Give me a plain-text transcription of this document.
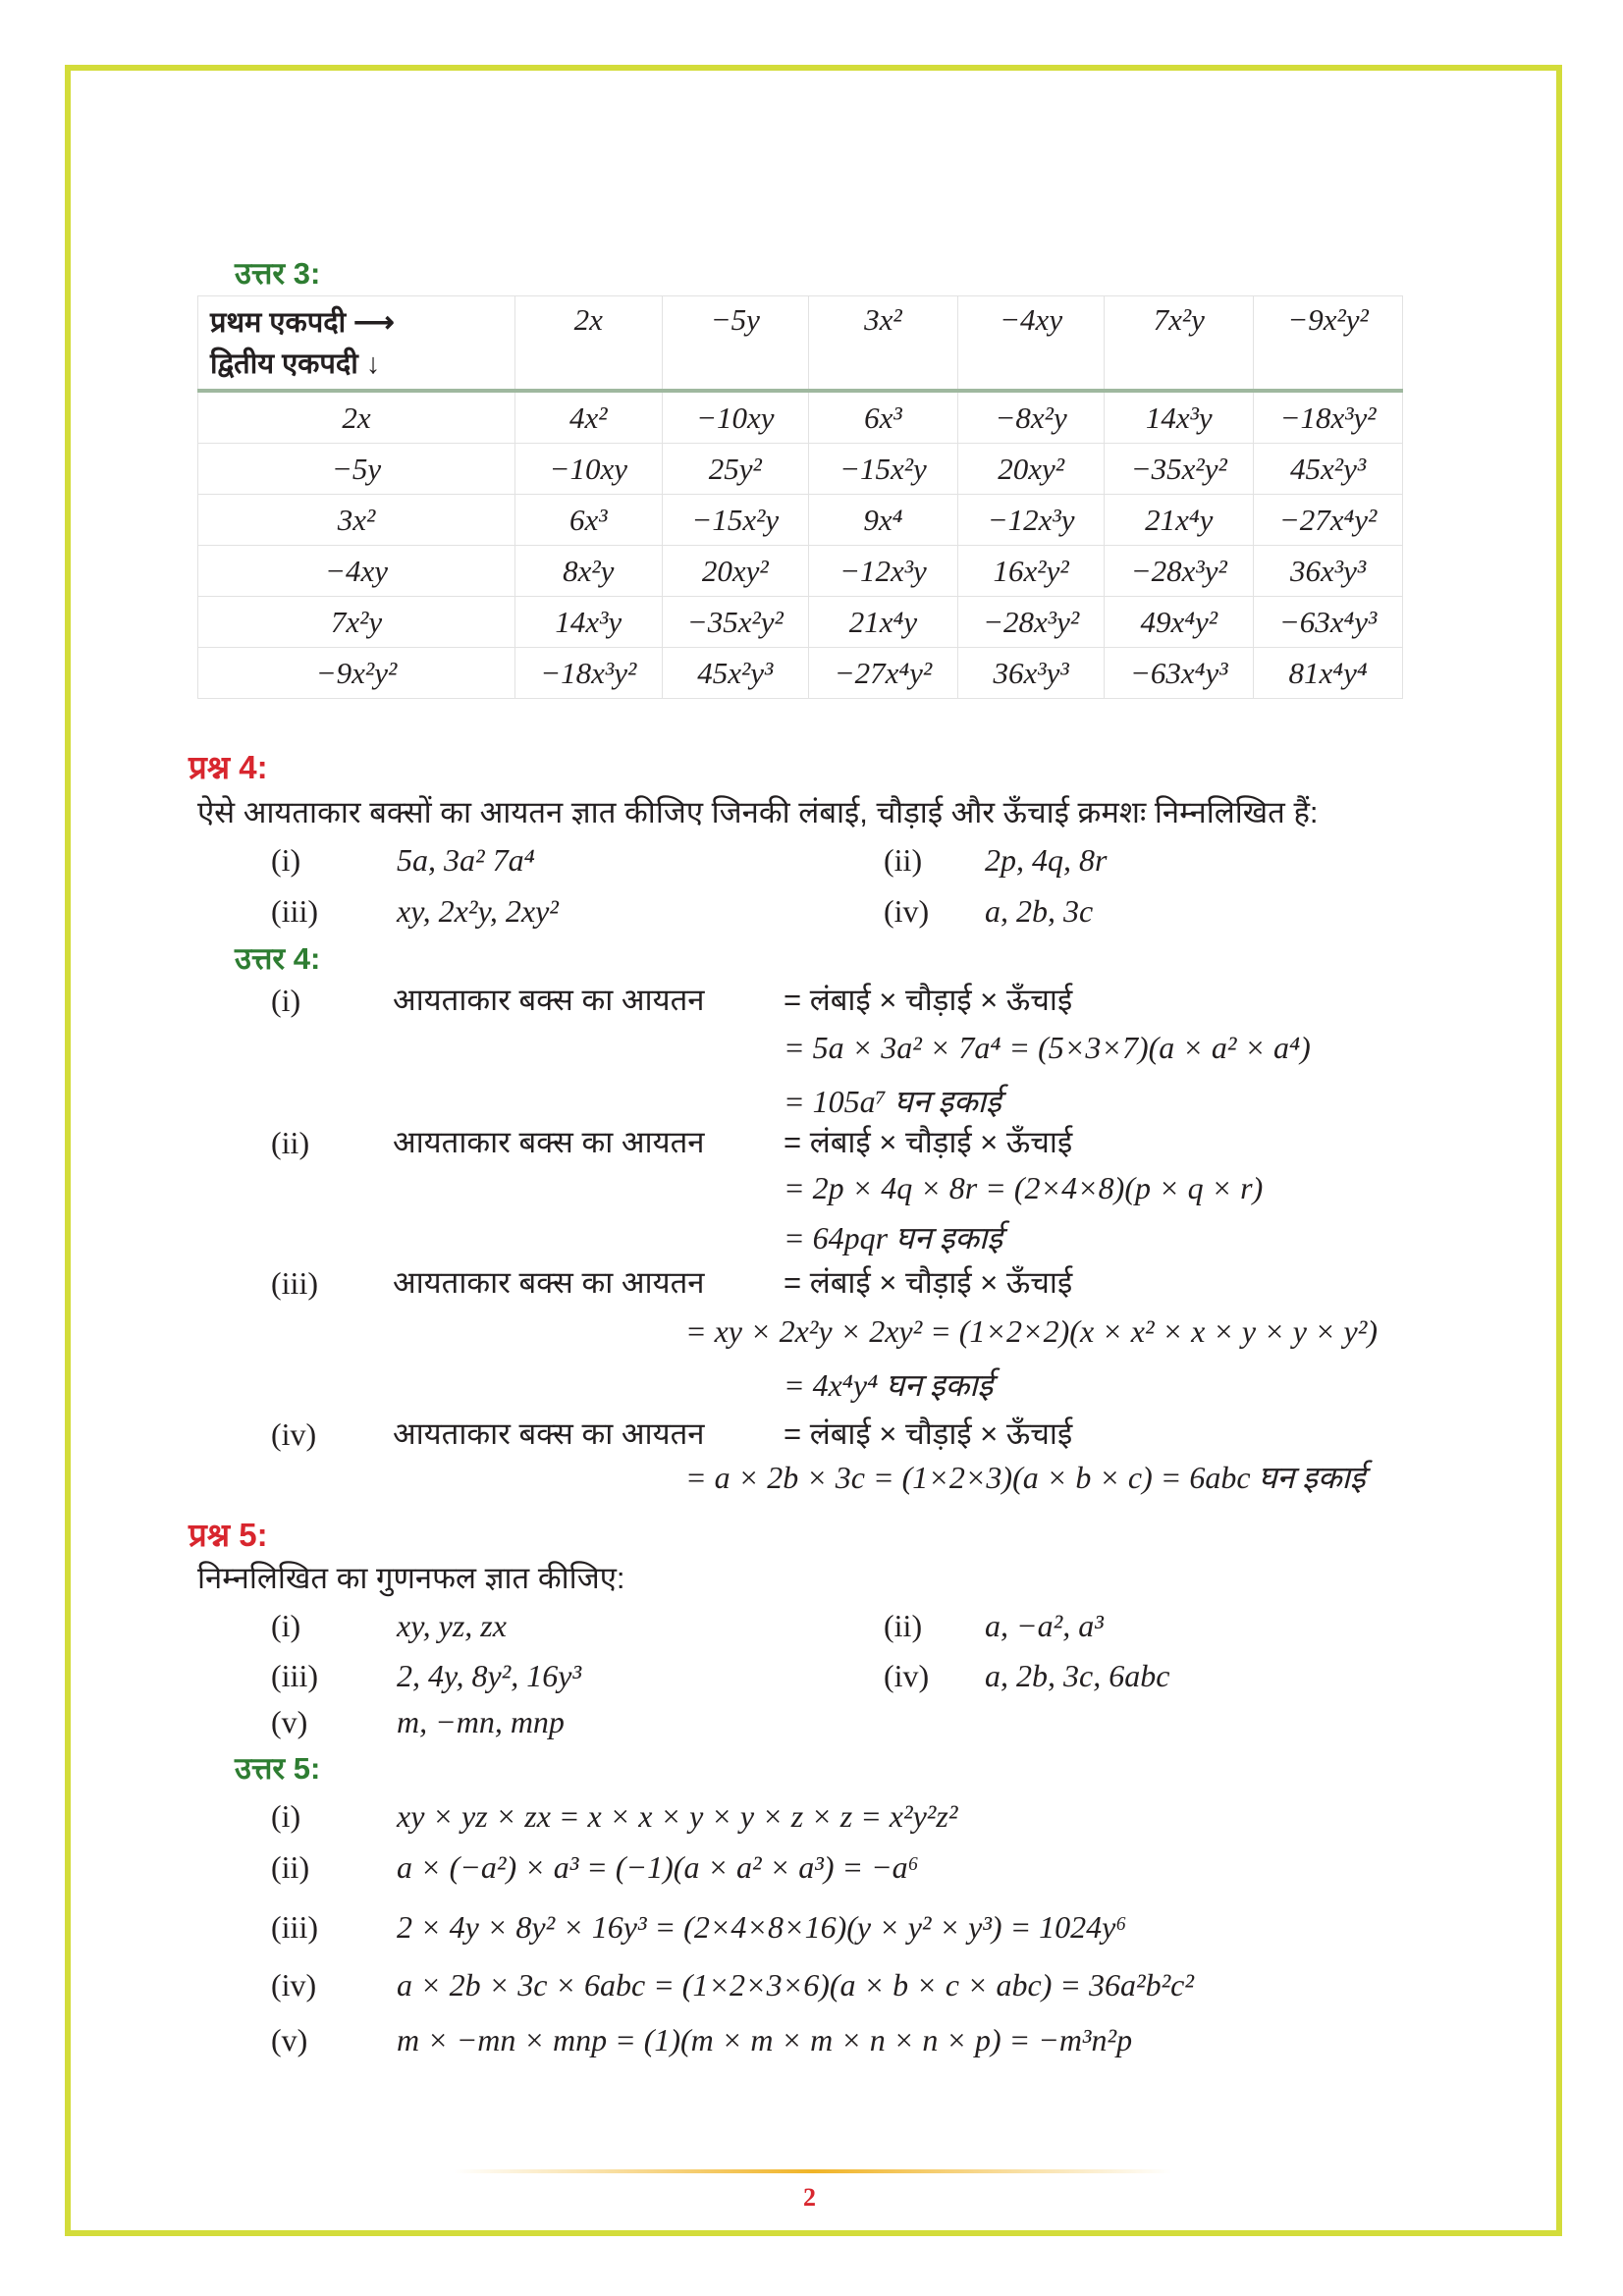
उत्तर 3:
प्रथम एकपदी ⟶
द्वितीय एकपदी ↓	2x	−5y	3x²	−4xy	7x²y	−9x²y²
2x	4x²	−10xy	6x³	−8x²y	14x³y	−18x³y²
−5y	−10xy	25y²	−15x²y	20xy²	−35x²y²	45x²y³
3x²	6x³	−15x²y	9x⁴	−12x³y	21x⁴y	−27x⁴y²
−4xy	8x²y	20xy²	−12x³y	16x²y²	−28x³y²	36x³y³
7x²y	14x³y	−35x²y²	21x⁴y	−28x³y²	49x⁴y²	−63x⁴y³
−9x²y²	−18x³y²	45x²y³	−27x⁴y²	36x³y³	−63x⁴y³	81x⁴y⁴
प्रश्न 4:
ऐसे आयताकार बक्सों का आयतन ज्ञात कीजिए जिनकी लंबाई, चौड़ाई और ऊँचाई क्रमशः निम्नलिखित हैं:
(i)	5a, 3a² 7a⁴	(ii) 2p, 4q, 8r
(iii)	xy, 2x²y, 2xy²	(iv) a, 2b, 3c
उत्तर 4:
(i)	आयताकार बक्स का आयतन	= लंबाई × चौड़ाई × ऊँचाई
= 5a × 3a² × 7a⁴ = (5×3×7)(a × a² × a⁴)
= 105a⁷ घन इकाई
(ii)	आयताकार बक्स का आयतन	= लंबाई × चौड़ाई × ऊँचाई
= 2p × 4q × 8r = (2×4×8)(p × q × r)
= 64pqr घन इकाई
(iii) आयताकार बक्स का आयतन	= लंबाई × चौड़ाई × ऊँचाई
= xy × 2x²y × 2xy² = (1×2×2)(x × x² × x × y × y × y²)
= 4x⁴y⁴ घन इकाई
(iv)	आयताकार बक्स का आयतन	= लंबाई × चौड़ाई × ऊँचाई
= a × 2b × 3c = (1×2×3)(a × b × c) = 6abc घन इकाई
प्रश्न 5:
निम्नलिखित का गुणनफल ज्ञात कीजिए:
(i)	xy, yz, zx	(ii) a, −a², a³
(iii)	2, 4y, 8y², 16y³	(iv) a, 2b, 3c, 6abc
(v)	m, −mn, mnp
उत्तर 5:
(i)	xy × yz × zx = x × x × y × y × z × z = x²y²z²
(ii)	a × (−a²) × a³ = (−1)(a × a² × a³) = −a⁶
(iii)	2 × 4y × 8y² × 16y³ = (2×4×8×16)(y × y² × y³) = 1024y⁶
(iv)	a × 2b × 3c × 6abc = (1×2×3×6)(a × b × c × abc) = 36a²b²c²
(v)	m × −mn × mnp = (1)(m × m × m × n × n × p) = −m³n²p
2
